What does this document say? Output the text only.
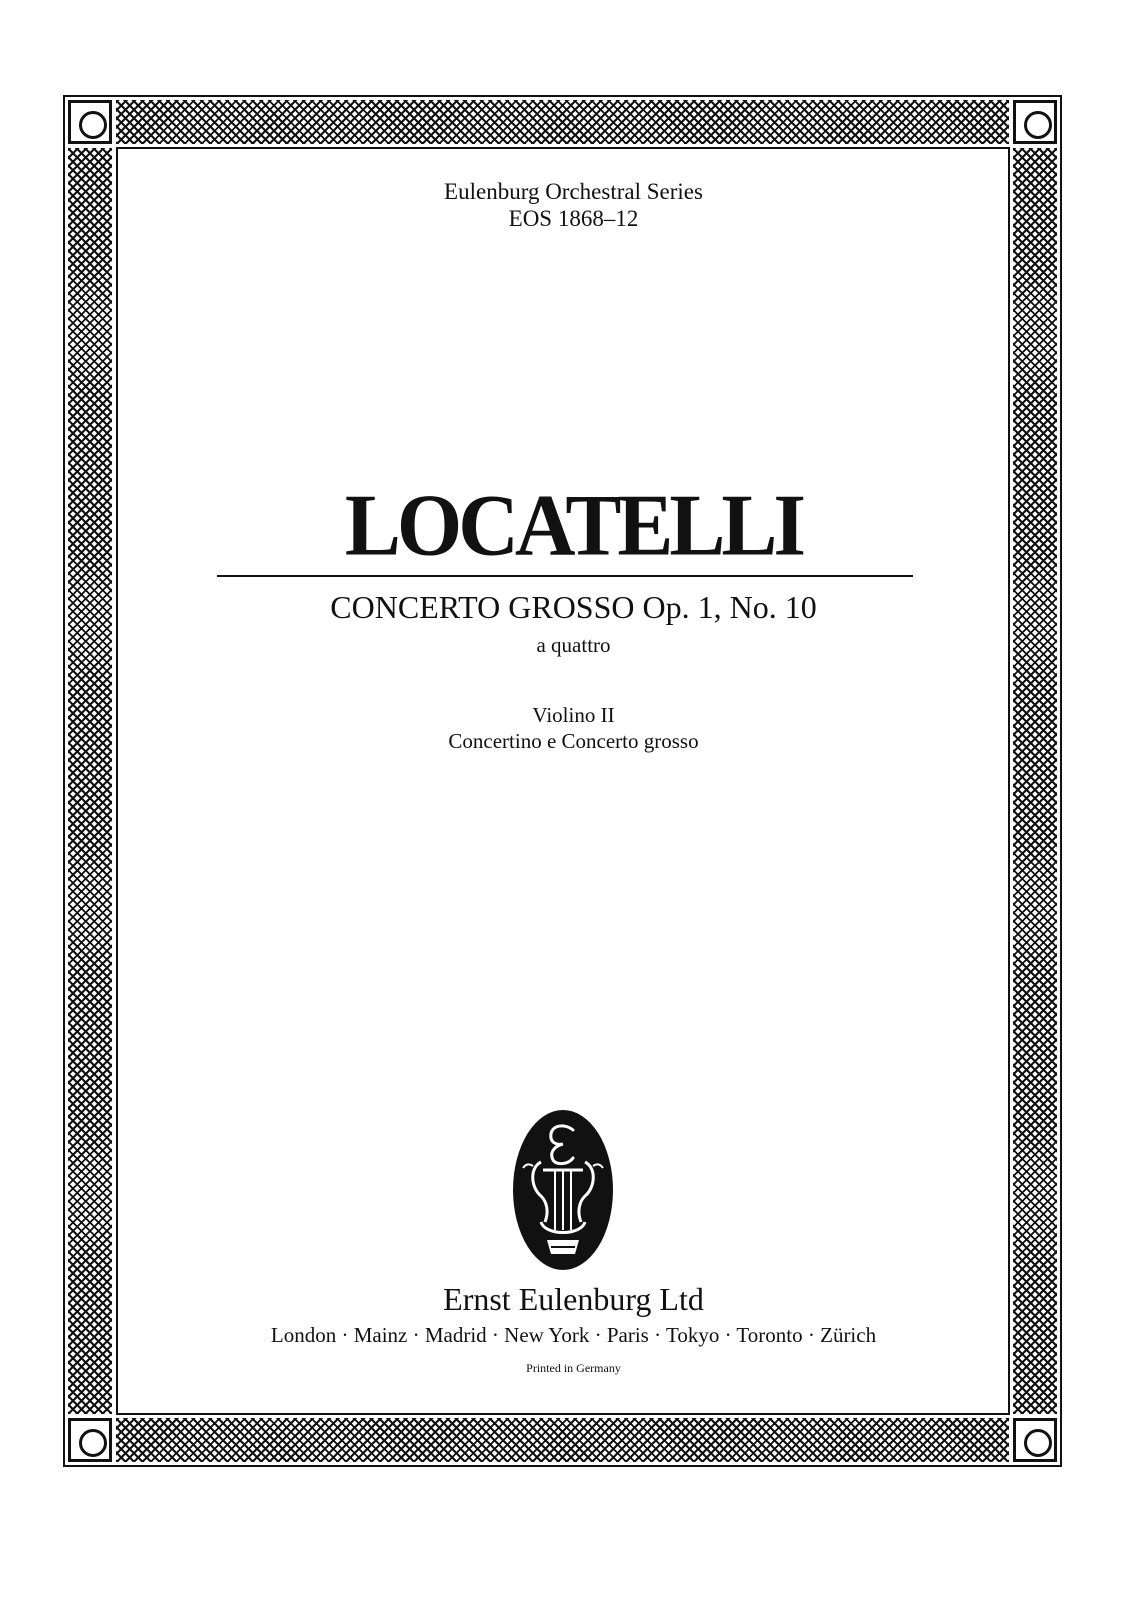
Eulenburg Orchestral Series
EOS 1868–12
LOCATELLI
CONCERTO GROSSO Op. 1, No. 10
a quattro
Violino II
Concertino e Concerto grosso
Ernst Eulenburg Ltd
London · Mainz · Madrid · New York · Paris · Tokyo · Toronto · Zürich
Printed in Germany
